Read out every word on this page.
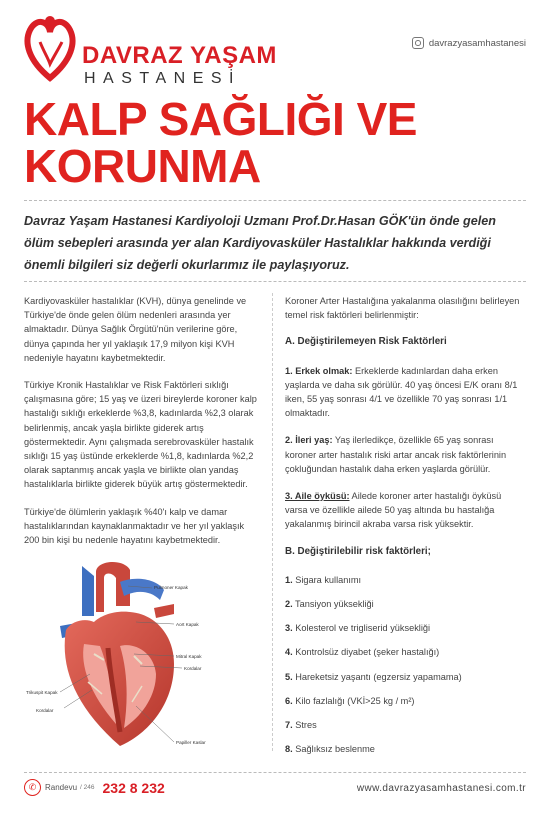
DAVRAZ YAŞAM
HASTANESİ
davrazyasamhastanesi
KALP SAĞLIĞI VE
KORUNMA
Davraz Yaşam Hastanesi Kardiyoloji Uzmanı Prof.Dr.Hasan GÖK'ün önde gelen ölüm sebepleri arasında yer alan Kardiyovasküler Hastalıklar hakkında verdiği önemli bilgileri siz değerli okurlarımız ile paylaşıyoruz.

Kardiyovasküler hastalıklar (KVH), dünya genelinde ve Türkiye'de önde gelen ölüm nedenleri arasında yer almaktadır. Dünya Sağlık Örgütü'nün verilerine göre, dünya çapında her yıl yaklaşık 17,9 milyon kişi KVH nedeniyle hayatını kaybetmektedir.

Türkiye Kronik Hastalıklar ve Risk Faktörleri sıklığı çalışmasına göre; 15 yaş ve üzeri bireylerde koroner kalp hastalığı sıklığı erkeklerde %3,8, kadınlarda %2,3 olarak belirlenmiş, ancak yaşla birlikte giderek artış göstermektedir. Aynı çalışmada serebrovasküler hastalık sıklığı 15 yaş üstünde erkeklerde %1,8, kadınlarda %2,2 olarak saptanmış ancak yaşla ve birlikte olan yandaş hastalıklarla birlikte giderek büyük artış göstermektedir.

Türkiye'de ölümlerin yaklaşık %40'ı kalp ve damar hastalıklarından kaynaklanmaktadır ve her yıl yaklaşık 200 bin kişi bu nedenle hayatını kaybetmektedir.

Pulmoner Kapak
Aort Kapak
Mitral Kapak
Kordalar
Trikuspit Kapak
Kordalar
Papiller Kaslar

Koroner Arter Hastalığına yakalanma olasılığını belirleyen temel risk faktörleri belirlenmiştir:

A. Değiştirilemeyen Risk Faktörleri

1. Erkek olmak: Erkeklerde kadınlardan daha erken yaşlarda ve daha sık görülür. 40 yaş öncesi E/K oranı 8/1 iken, 55 yaş sonrası 4/1 ve özellikle 70 yaş sonrası 1/1 olmaktadır.

2. İleri yaş: Yaş ilerledikçe, özellikle 65 yaş sonrası koroner arter hastalık riski artar ancak risk faktörlerinin çokluğundan hastalık daha erken yaşlarda görülür.

3. Aile öyküsü: Ailede koroner arter hastalığı öyküsü varsa ve özellikle ailede 50 yaş altında bu hastalığa yakalanmış birincil akraba varsa risk yüksektir.

B. Değiştirilebilir risk faktörleri;

1. Sigara kullanımı

2. Tansiyon yüksekliği

3. Kolesterol ve trigliserid yüksekliği

4. Kontrolsüz diyabet (şeker hastalığı)

5. Hareketsiz yaşantı (egzersiz yapamama)

6. Kilo fazlalığı (VKİ>25 kg / m²)

7. Stres

8. Sağlıksız beslenme

✆ Randevu / 246 232 8 232	www.davrazyasamhastanesi.com.tr
